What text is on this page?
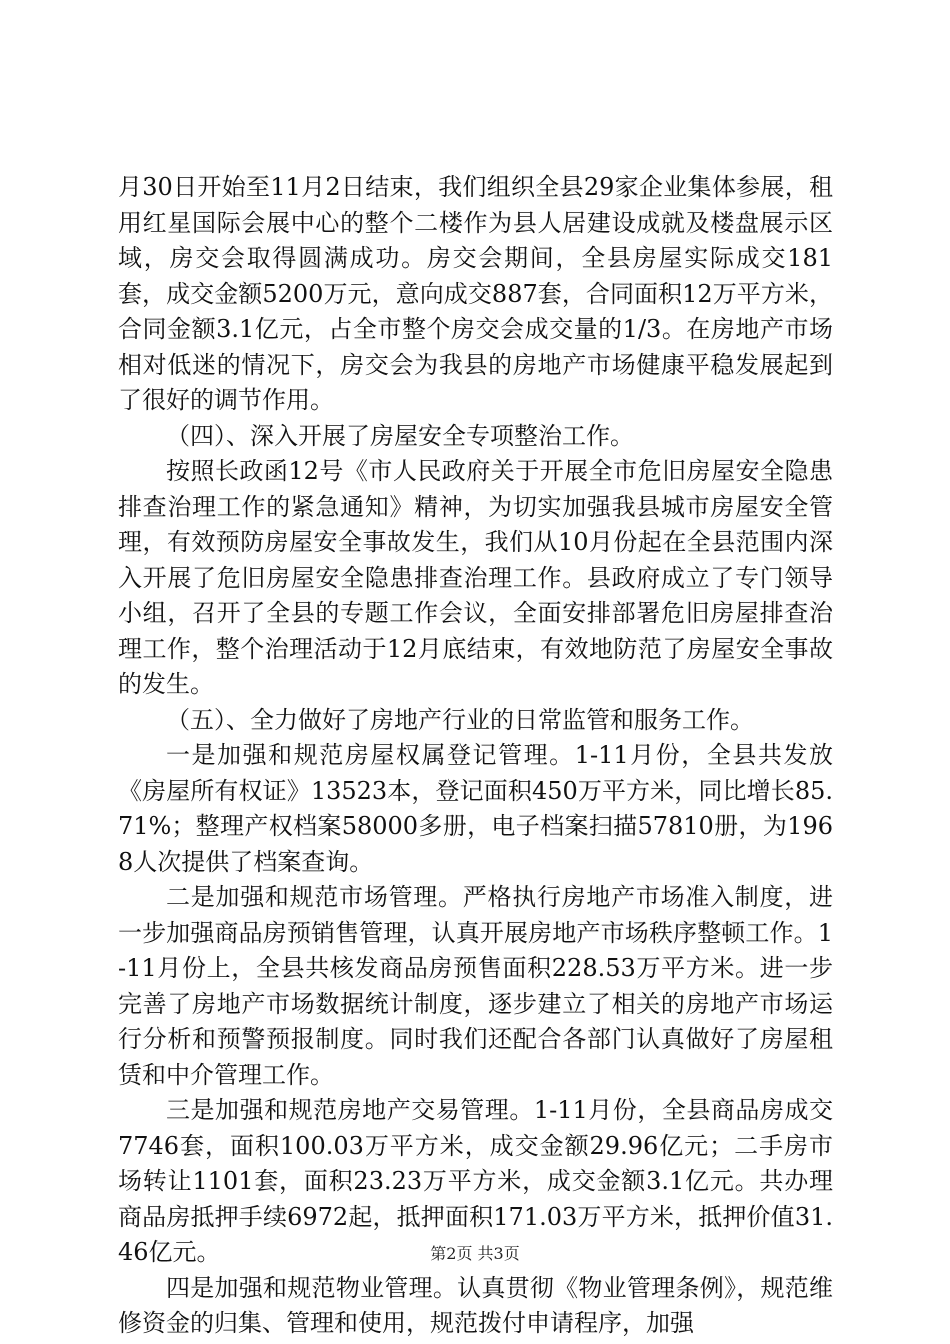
月30日开始至11月2日结束，我们组织全县29家企业集体参展，租用红星国际会展中心的整个二楼作为县人居建设成就及楼盘展示区域，房交会取得圆满成功。房交会期间，全县房屋实际成交181套，成交金额5200万元，意向成交887套，合同面积12万平方米，合同金额3.1亿元，占全市整个房交会成交量的1/3。在房地产市场相对低迷的情况下，房交会为我县的房地产市场健康平稳发展起到了很好的调节作用。

（四）、深入开展了房屋安全专项整治工作。

按照长政函12号《市人民政府关于开展全市危旧房屋安全隐患排查治理工作的紧急通知》精神，为切实加强我县城市房屋安全管理，有效预防房屋安全事故发生，我们从10月份起在全县范围内深入开展了危旧房屋安全隐患排查治理工作。县政府成立了专门领导小组，召开了全县的专题工作会议，全面安排部署危旧房屋排查治理工作，整个治理活动于12月底结束，有效地防范了房屋安全事故的发生。

（五）、全力做好了房地产行业的日常监管和服务工作。

一是加强和规范房屋权属登记管理。1-11月份，全县共发放《房屋所有权证》13523本，登记面积450万平方米，同比增长85.71%；整理产权档案58000多册，电子档案扫描57810册，为1968人次提供了档案查询。

二是加强和规范市场管理。严格执行房地产市场准入制度，进一步加强商品房预销售管理，认真开展房地产市场秩序整顿工作。1-11月份上，全县共核发商品房预售面积228.53万平方米。进一步完善了房地产市场数据统计制度，逐步建立了相关的房地产市场运行分析和预警预报制度。同时我们还配合各部门认真做好了房屋租赁和中介管理工作。

三是加强和规范房地产交易管理。1-11月份，全县商品房成交7746套，面积100.03万平方米，成交金额29.96亿元；二手房市场转让1101套，面积23.23万平方米，成交金额3.1亿元。共办理商品房抵押手续6972起，抵押面积171.03万平方米，抵押价值31.46亿元。

四是加强和规范物业管理。认真贯彻《物业管理条例》，规范维修资金的归集、管理和使用，规范拨付申请程序，加强

第2页 共3页
